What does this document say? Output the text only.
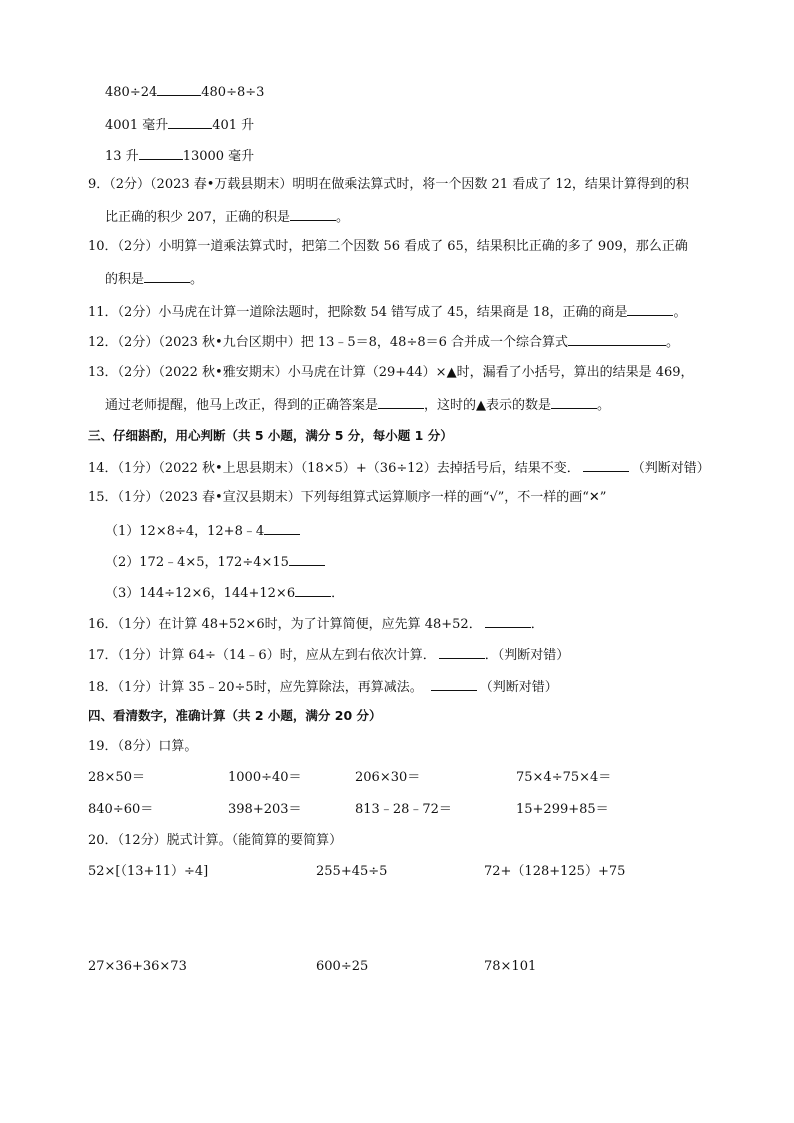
480÷24	480÷8÷3
4001 毫升	401 升
13 升	13000 毫升
9．（2分）（2023 春•万载县期末）明明在做乘法算式时，将一个因数 21 看成了 12，结果计算得到的积
比正确的积少 207，正确的积是	。
10．（2分）小明算一道乘法算式时，把第二个因数 56 看成了 65，结果积比正确的多了 909，那么正确
的积是	。
11．（2分）小马虎在计算一道除法题时，把除数 54 错写成了 45，结果商是 18，正确的商是	。
12．（2分）（2023 秋•九台区期中）把 13﹣5＝8，48÷8＝6 合并成一个综合算式	。
13．（2分）（2022 秋•雅安期末）小马虎在计算（29+44）×▲时，漏看了小括号，算出的结果是 469，
通过老师提醒，他马上改正，得到的正确答案是	，这时的▲表示的数是	。
三、仔细斟酌，用心判断（共 5 小题，满分 5 分，每小题 1 分）
14．（1分）（2022 秋•上思县期末）（18×5）+（36÷12）去掉括号后，结果不变．	（判断对错）
15．（1分）（2023 春•宣汉县期末）下列每组算式运算顺序一样的画“√”，不一样的画“✕”
（1）12×8÷4，12+8﹣4
（2）172﹣4×5，172÷4×15
（3）144÷12×6，144+12×6	．
16．（1分）在计算 48+52×6时，为了计算简便，应先算 48+52．	．
17．（1分）计算 64÷（14﹣6）时，应从左到右依次计算．	．（判断对错）
18．（1分）计算 35﹣20÷5时，应先算除法，再算减法。	（判断对错）
四、看清数字，准确计算（共 2 小题，满分 20 分）
19．（8分）口算。
28×50＝	1000÷40＝	206×30＝	75×4÷75×4＝
840÷60＝	398+203＝	813﹣28﹣72＝	15+299+85＝
20．（12分）脱式计算。（能简算的要简算）
52×[（13+11）÷4]	255+45÷5	72+（128+125）+75
27×36+36×73	600÷25	78×101
